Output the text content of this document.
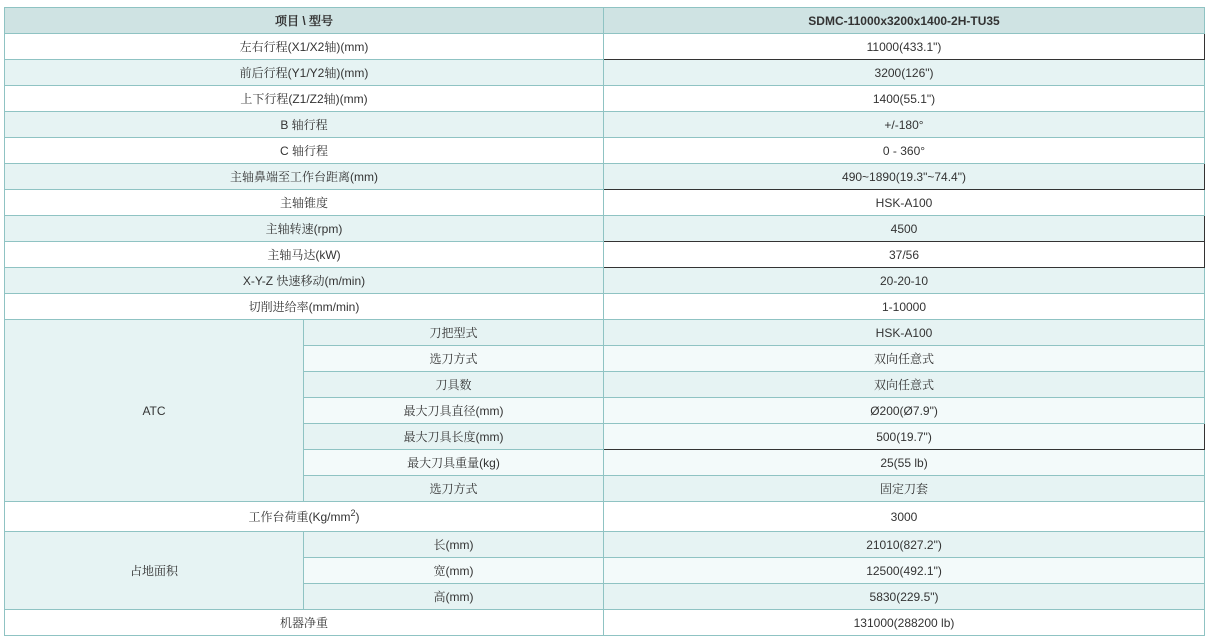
项目 \ 型号		SDMC-11000x3200x1400-2H-TU35
左右行程(X1/X2轴)(mm)		11000(433.1")
前后行程(Y1/Y2轴)(mm)		3200(126")
上下行程(Z1/Z2轴)(mm)		1400(55.1")
B 轴行程		+/-180°
C 轴行程		0 - 360°
主轴鼻端至工作台距离(mm)		490~1890(19.3"~74.4")
主轴锥度		HSK-A100
主轴转速(rpm)		4500
主轴马达(kW)		37/56
X-Y-Z 快速移动(m/min)		20-20-10
切削进给率(mm/min)		1-10000
ATC	刀把型式	HSK-A100
	选刀方式	双向任意式
	刀具数	双向任意式
	最大刀具直径(mm)	Ø200(Ø7.9")
	最大刀具长度(mm)	500(19.7")
	最大刀具重量(kg)	25(55 lb)
	选刀方式	固定刀套
工作台荷重$(Kg/mm^2)$		3000
占地面积	长(mm)	21010(827.2")
	宽(mm)	12500(492.1")
	高(mm)	5830(229.5")
机器净重		131000(288200 lb)
